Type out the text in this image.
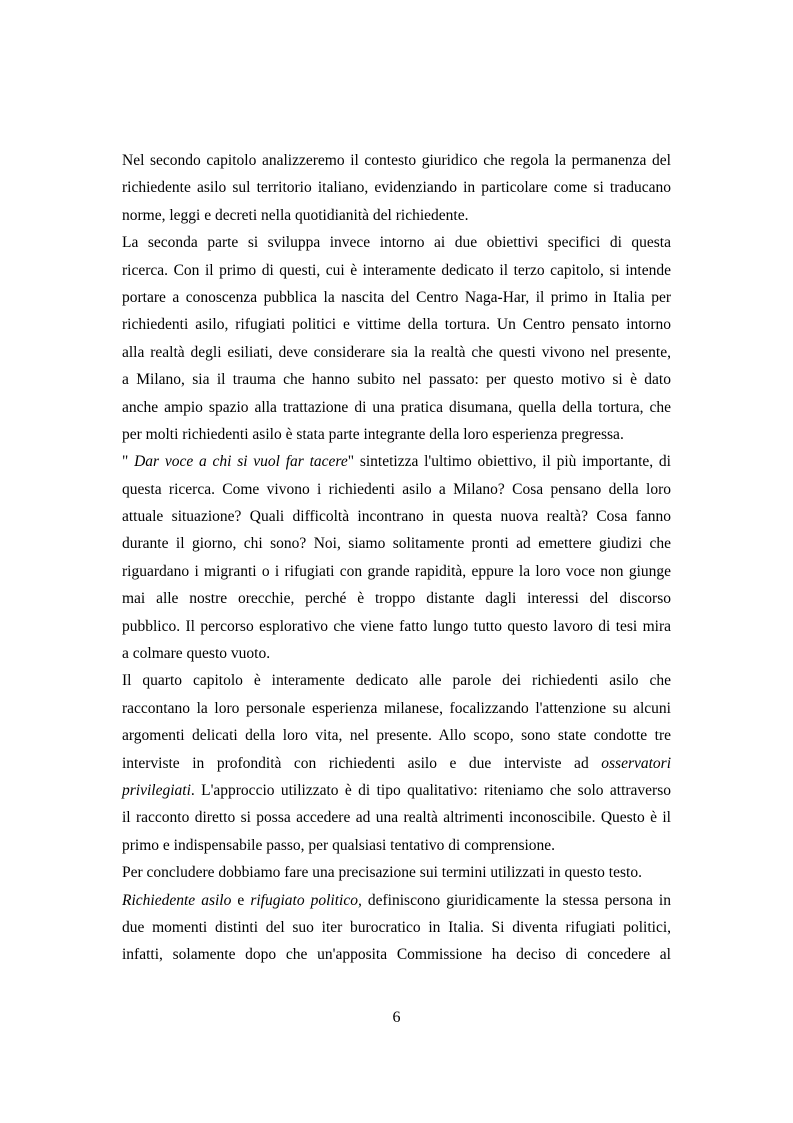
Nel secondo capitolo analizzeremo il contesto giuridico che regola la permanenza del
richiedente asilo sul territorio italiano, evidenziando in particolare come si traducano
norme, leggi e decreti nella quotidianità del richiedente.
La seconda parte si sviluppa invece intorno ai due obiettivi specifici di questa
ricerca. Con il primo di questi, cui è interamente dedicato il terzo capitolo, si intende
portare a conoscenza pubblica la nascita del Centro Naga-Har, il primo in Italia per
richiedenti asilo, rifugiati politici e vittime della tortura. Un Centro pensato intorno
alla realtà degli esiliati, deve considerare sia la realtà che questi vivono nel presente,
a Milano, sia il trauma che hanno subito nel passato: per questo motivo si è dato
anche ampio spazio alla trattazione di una pratica disumana, quella della tortura, che
per molti richiedenti asilo è stata parte integrante della loro esperienza pregressa.
" Dar voce a chi si vuol far tacere" sintetizza l'ultimo obiettivo, il più importante, di
questa ricerca. Come vivono i richiedenti asilo a Milano? Cosa pensano della loro
attuale situazione? Quali difficoltà incontrano in questa nuova realtà? Cosa fanno
durante il giorno, chi sono? Noi, siamo solitamente pronti ad emettere giudizi che
riguardano i migranti o i rifugiati con grande rapidità, eppure la loro voce non giunge
mai alle nostre orecchie, perché è troppo distante dagli interessi del discorso
pubblico. Il percorso esplorativo che viene fatto lungo tutto questo lavoro di tesi mira
a colmare questo vuoto.
Il quarto capitolo è interamente dedicato alle parole dei richiedenti asilo che
raccontano la loro personale esperienza milanese, focalizzando l'attenzione su alcuni
argomenti delicati della loro vita, nel presente. Allo scopo, sono state condotte tre
interviste in profondità con richiedenti asilo e due interviste ad osservatori
privilegiati. L'approccio utilizzato è di tipo qualitativo: riteniamo che solo attraverso
il racconto diretto si possa accedere ad una realtà altrimenti inconoscibile. Questo è il
primo e indispensabile passo, per qualsiasi tentativo di comprensione.
Per concludere dobbiamo fare una precisazione sui termini utilizzati in questo testo.
Richiedente asilo e rifugiato politico, definiscono giuridicamente la stessa persona in
due momenti distinti del suo iter burocratico in Italia. Si diventa rifugiati politici,
infatti, solamente dopo che un'apposita Commissione ha deciso di concedere al
6
